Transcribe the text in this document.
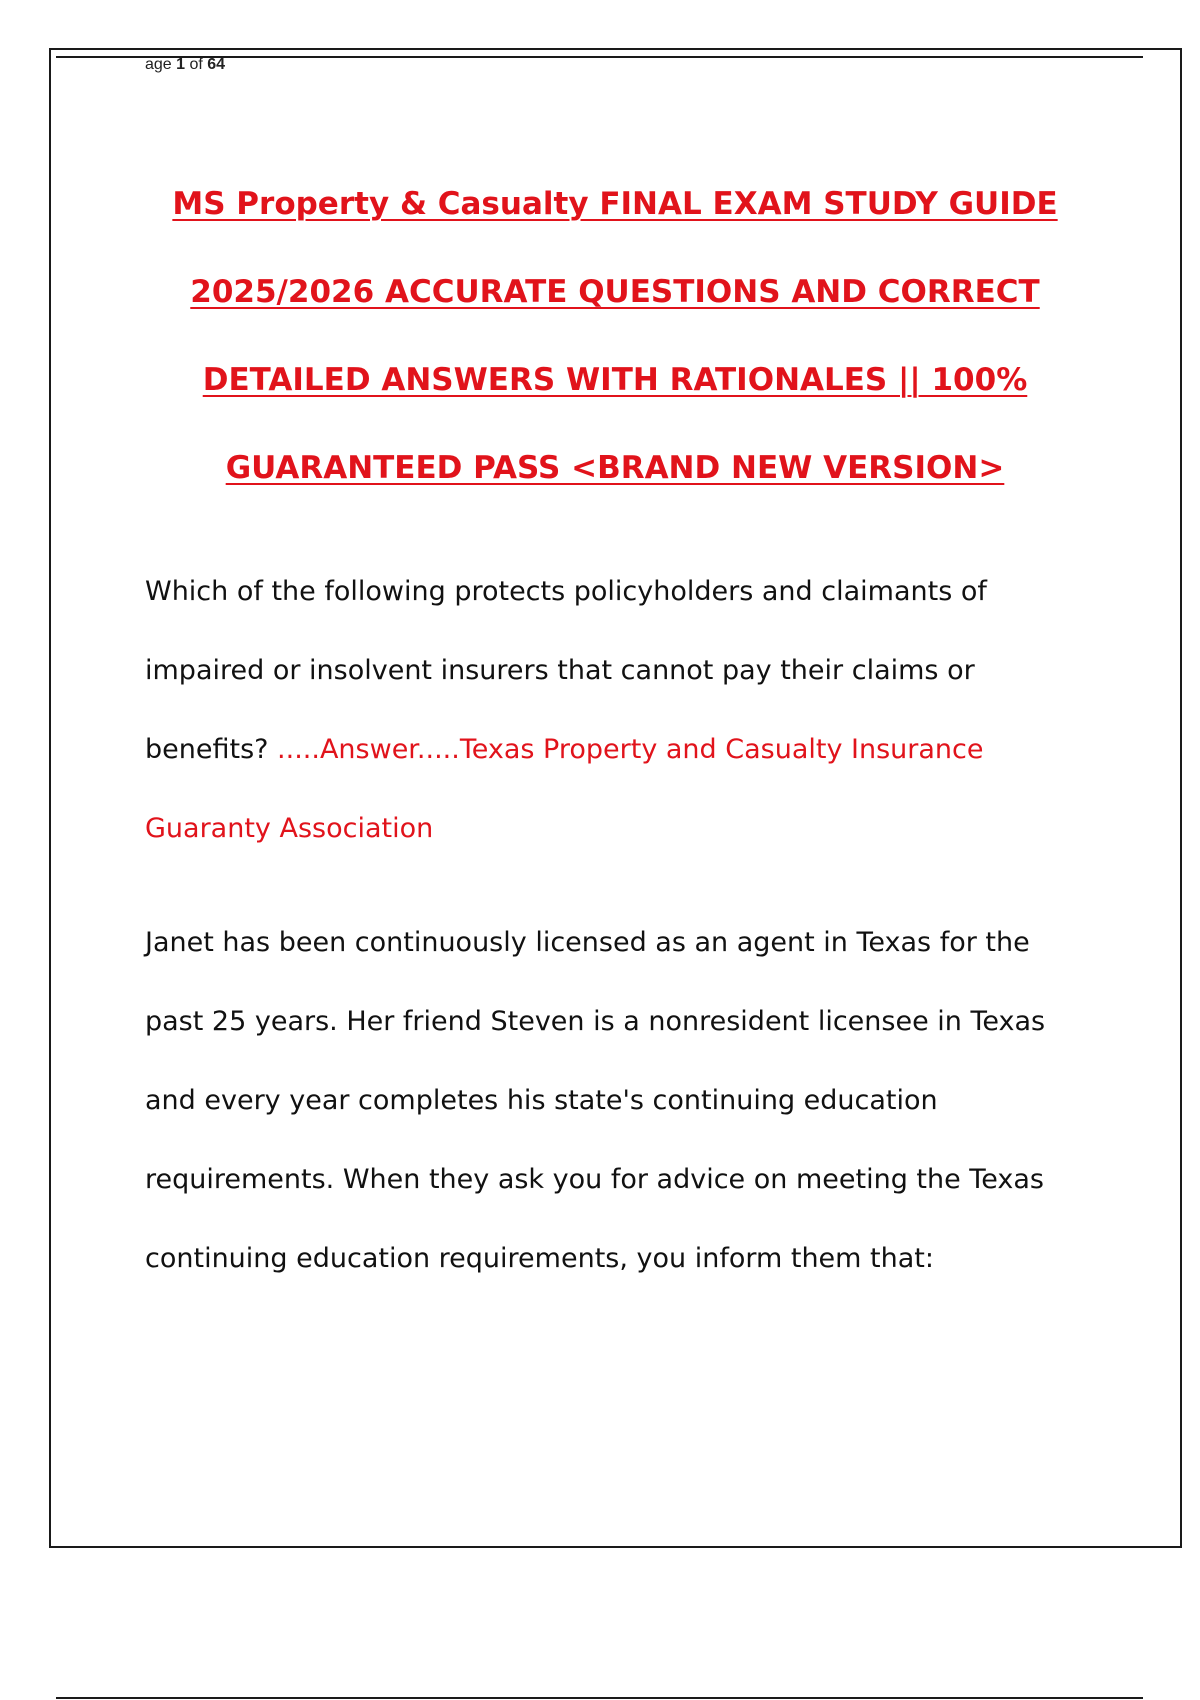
age 1 of 64
MS Property & Casualty FINAL EXAM STUDY GUIDE
2025/2026 ACCURATE QUESTIONS AND CORRECT
DETAILED ANSWERS WITH RATIONALES || 100%
GUARANTEED PASS <BRAND NEW VERSION>
Which of the following protects policyholders and claimants of impaired or insolvent insurers that cannot pay their claims or benefits? .....Answer.....Texas Property and Casualty Insurance Guaranty Association
Janet has been continuously licensed as an agent in Texas for the past 25 years. Her friend Steven is a nonresident licensee in Texas and every year completes his state's continuing education requirements. When they ask you for advice on meeting the Texas continuing education requirements, you inform them that:
